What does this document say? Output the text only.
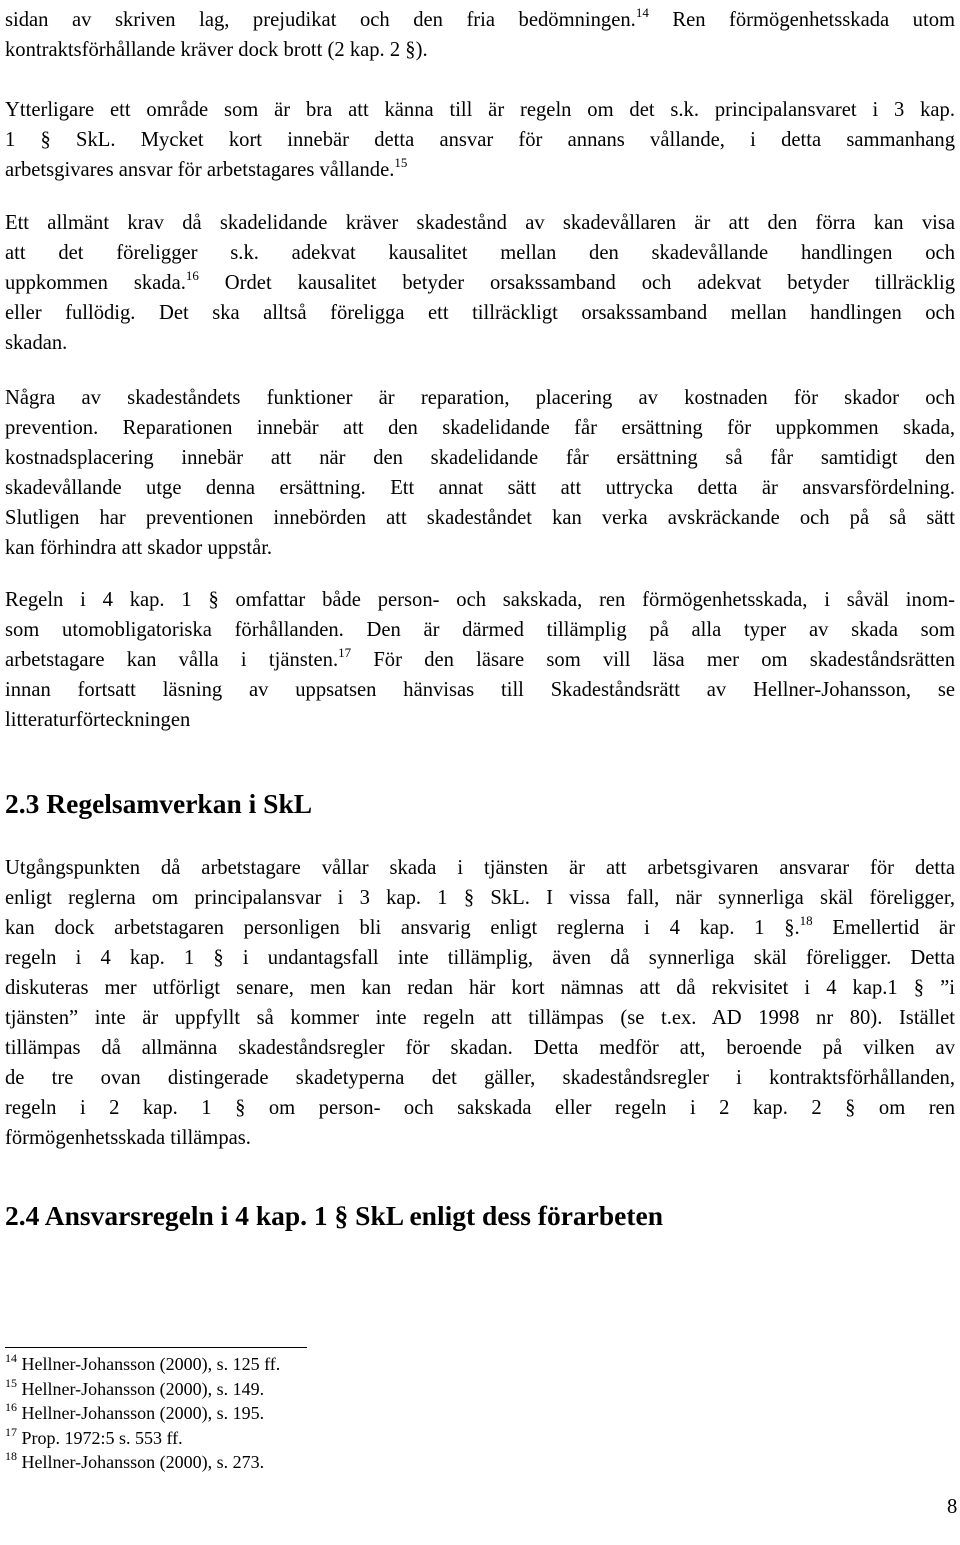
sidan av skriven lag, prejudikat och den fria bedömningen.$^{14}$ Ren förmögenhetsskada utom
kontraktsförhållande kräver dock brott (2 kap. 2 §).

Ytterligare ett område som är bra att känna till är regeln om det s.k. principalansvaret i 3 kap.
1 § SkL. Mycket kort innebär detta ansvar för annans vållande, i detta sammanhang
arbetsgivares ansvar för arbetstagares vållande.$^{15}$

Ett allmänt krav då skadelidande kräver skadestånd av skadevållaren är att den förra kan visa
att det föreligger s.k. adekvat kausalitet mellan den skadevållande handlingen och
uppkommen skada.$^{16}$ Ordet kausalitet betyder orsakssamband och adekvat betyder tillräcklig
eller fullödig. Det ska alltså föreligga ett tillräckligt orsakssamband mellan handlingen och
skadan.

Några av skadeståndets funktioner är reparation, placering av kostnaden för skador och
prevention. Reparationen innebär att den skadelidande får ersättning för uppkommen skada,
kostnadsplacering innebär att när den skadelidande får ersättning så får samtidigt den
skadevållande utge denna ersättning. Ett annat sätt att uttrycka detta är ansvarsfördelning.
Slutligen har preventionen innebörden att skadeståndet kan verka avskräckande och på så sätt
kan förhindra att skador uppstår.

Regeln i 4 kap. 1 § omfattar både person- och sakskada, ren förmögenhetsskada, i såväl inom-
som utomobligatoriska förhållanden. Den är därmed tillämplig på alla typer av skada som
arbetstagare kan vålla i tjänsten.$^{17}$ För den läsare som vill läsa mer om skadeståndsrätten
innan fortsatt läsning av uppsatsen hänvisas till Skadeståndsrätt av Hellner-Johansson, se
litteraturförteckningen

2.3 Regelsamverkan i SkL

Utgångspunkten då arbetstagare vållar skada i tjänsten är att arbetsgivaren ansvarar för detta
enligt reglerna om principalansvar i 3 kap. 1 § SkL. I vissa fall, när synnerliga skäl föreligger,
kan dock arbetstagaren personligen bli ansvarig enligt reglerna i 4 kap. 1 §.$^{18}$ Emellertid är
regeln i 4 kap. 1 § i undantagsfall inte tillämplig, även då synnerliga skäl föreligger. Detta
diskuteras mer utförligt senare, men kan redan här kort nämnas att då rekvisitet i 4 kap.1 § ”i
tjänsten” inte är uppfyllt så kommer inte regeln att tillämpas (se t.ex. AD 1998 nr 80). Istället
tillämpas då allmänna skadeståndsregler för skadan. Detta medför att, beroende på vilken av
de tre ovan distingerade skadetyperna det gäller, skadeståndsregler i kontraktsförhållanden,
regeln i 2 kap. 1 § om person- och sakskada eller regeln i 2 kap. 2 § om ren
förmögenhetsskada tillämpas.

2.4 Ansvarsregeln i 4 kap. 1 § SkL enligt dess förarbeten
$^{14}$ Hellner-Johansson (2000), s. 125 ff.
$^{15}$ Hellner-Johansson (2000), s. 149.
$^{16}$ Hellner-Johansson (2000), s. 195.
$^{17}$ Prop. 1972:5 s. 553 ff.
$^{18}$ Hellner-Johansson (2000), s. 273.
8
